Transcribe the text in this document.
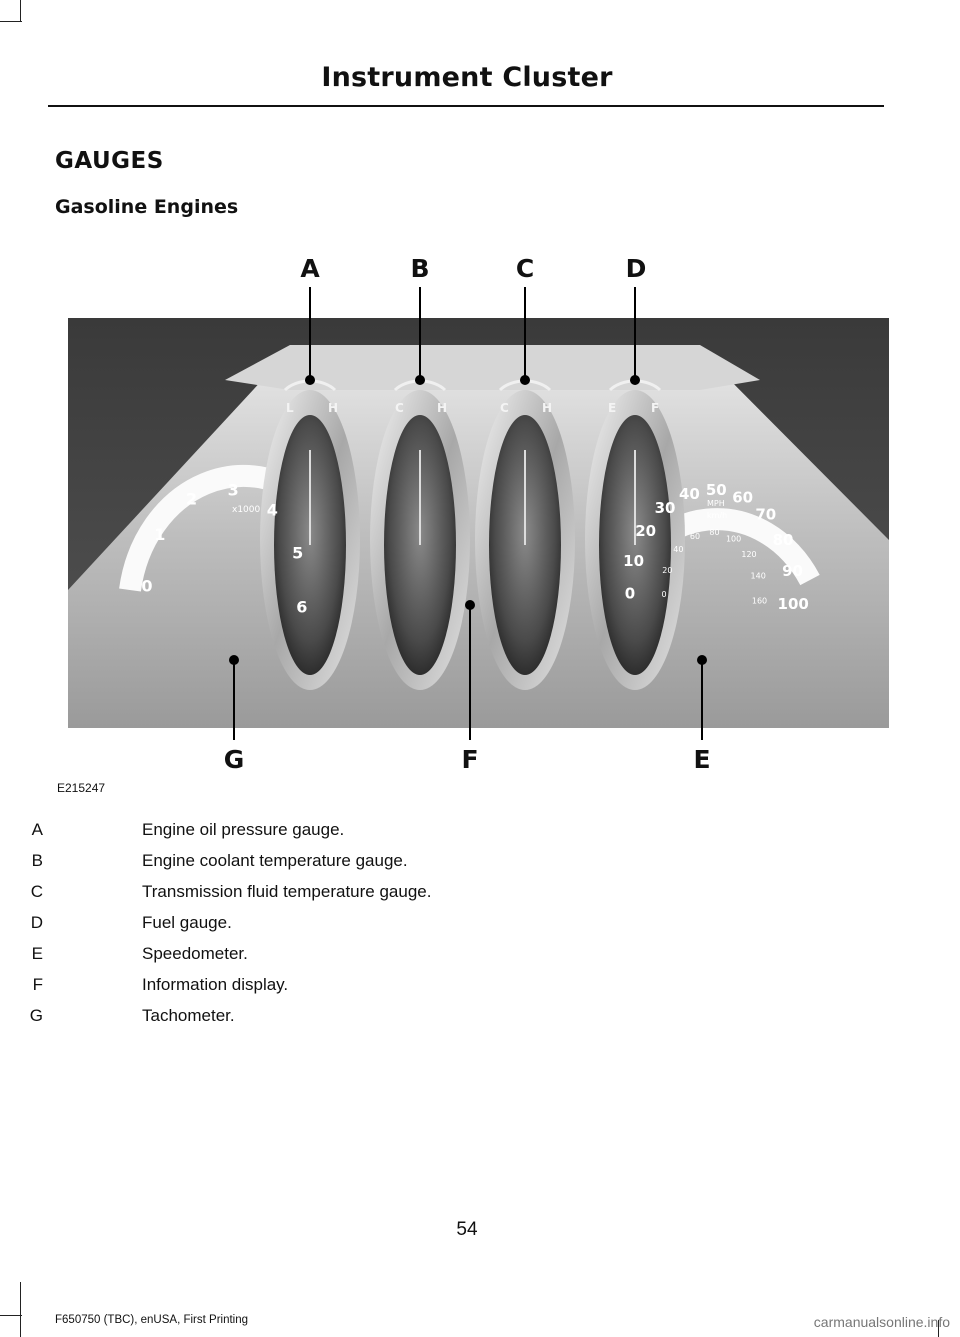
Instrument Cluster
GAUGES
Gasoline Engines
L	H	C	H	C	H	E	F
0
1
2 3
4
5
6
x1000
0
10
20
30
40 50 60
70
80
90
100
0
20
40
60 80
100
120
140
160
MPH
km/h
A	B	C	D
G	F	E
E215247
A	Engine oil pressure gauge.
B	Engine coolant temperature gauge.
C	Transmission fluid temperature gauge.
D	Fuel gauge.
E	Speedometer.
F	Information display.
G	Tachometer.
54
F650750 (TBC), enUSA, First Printing	carmanualsonline.info
